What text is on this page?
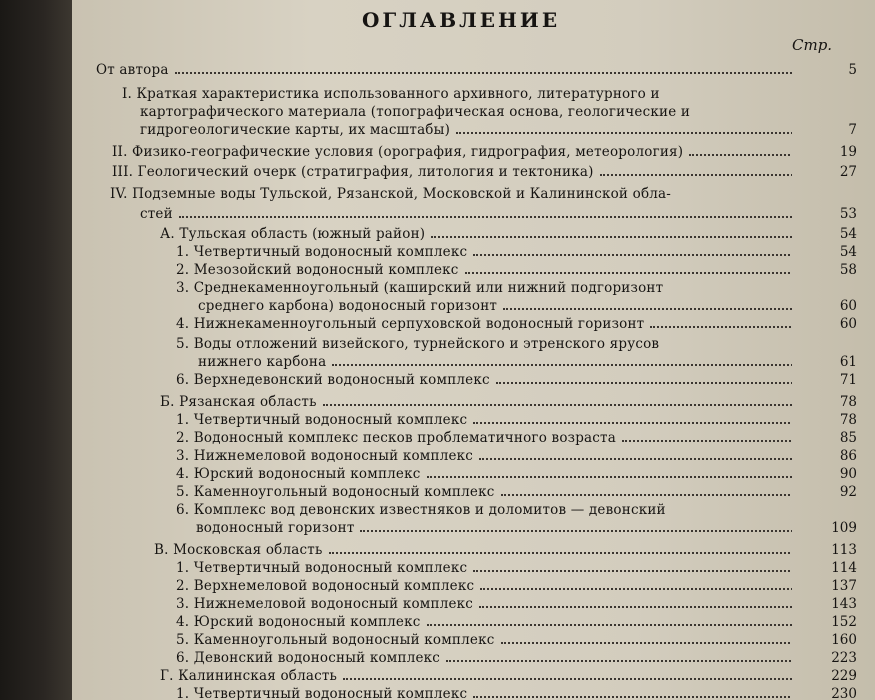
ОГЛАВЛЕНИЕ
Стр.
5
От автора
I. Краткая характеристика использованного архивного, литературного и
картографического материала (топографическая основа, геологические и
7
гидрогеологические карты, их масштабы)
19
II. Физико-географические условия (орография, гидрография, метеорология)
27
III. Геологический очерк (стратиграфия, литология и тектоника)
IV. Подземные воды Тульской, Рязанской, Московской и Калининской обла-
53
стей
54
А. Тульская область (южный район)
54
1. Четвертичный водоносный комплекс
58
2. Мезозойский водоносный комплекс
3. Среднекаменноугольный (каширский или нижний подгоризонт
60
среднего карбона) водоносный горизонт
60
4. Нижнекаменноугольный серпуховской водоносный горизонт
5. Воды отложений визейского, турнейского и этренского ярусов
61
нижнего карбона
71
6. Верхнедевонский водоносный комплекс
78
Б. Рязанская область
78
1. Четвертичный водоносный комплекс
85
2. Водоносный комплекс песков проблематичного возраста
86
3. Нижнемеловой водоносный комплекс
90
4. Юрский водоносный комплекс
92
5. Каменноугольный водоносный комплекс
6. Комплекс вод девонских известняков и доломитов — девонский
109
водоносный горизонт
113
В. Московская область
114
1. Четвертичный водоносный комплекс
137
2. Верхнемеловой водоносный комплекс
143
3. Нижнемеловой водоносный комплекс
152
4. Юрский водоносный комплекс
160
5. Каменноугольный водоносный комплекс
223
6. Девонский водоносный комплекс
229
Г. Калининская область
230
1. Четвертичный водоносный комплекс
